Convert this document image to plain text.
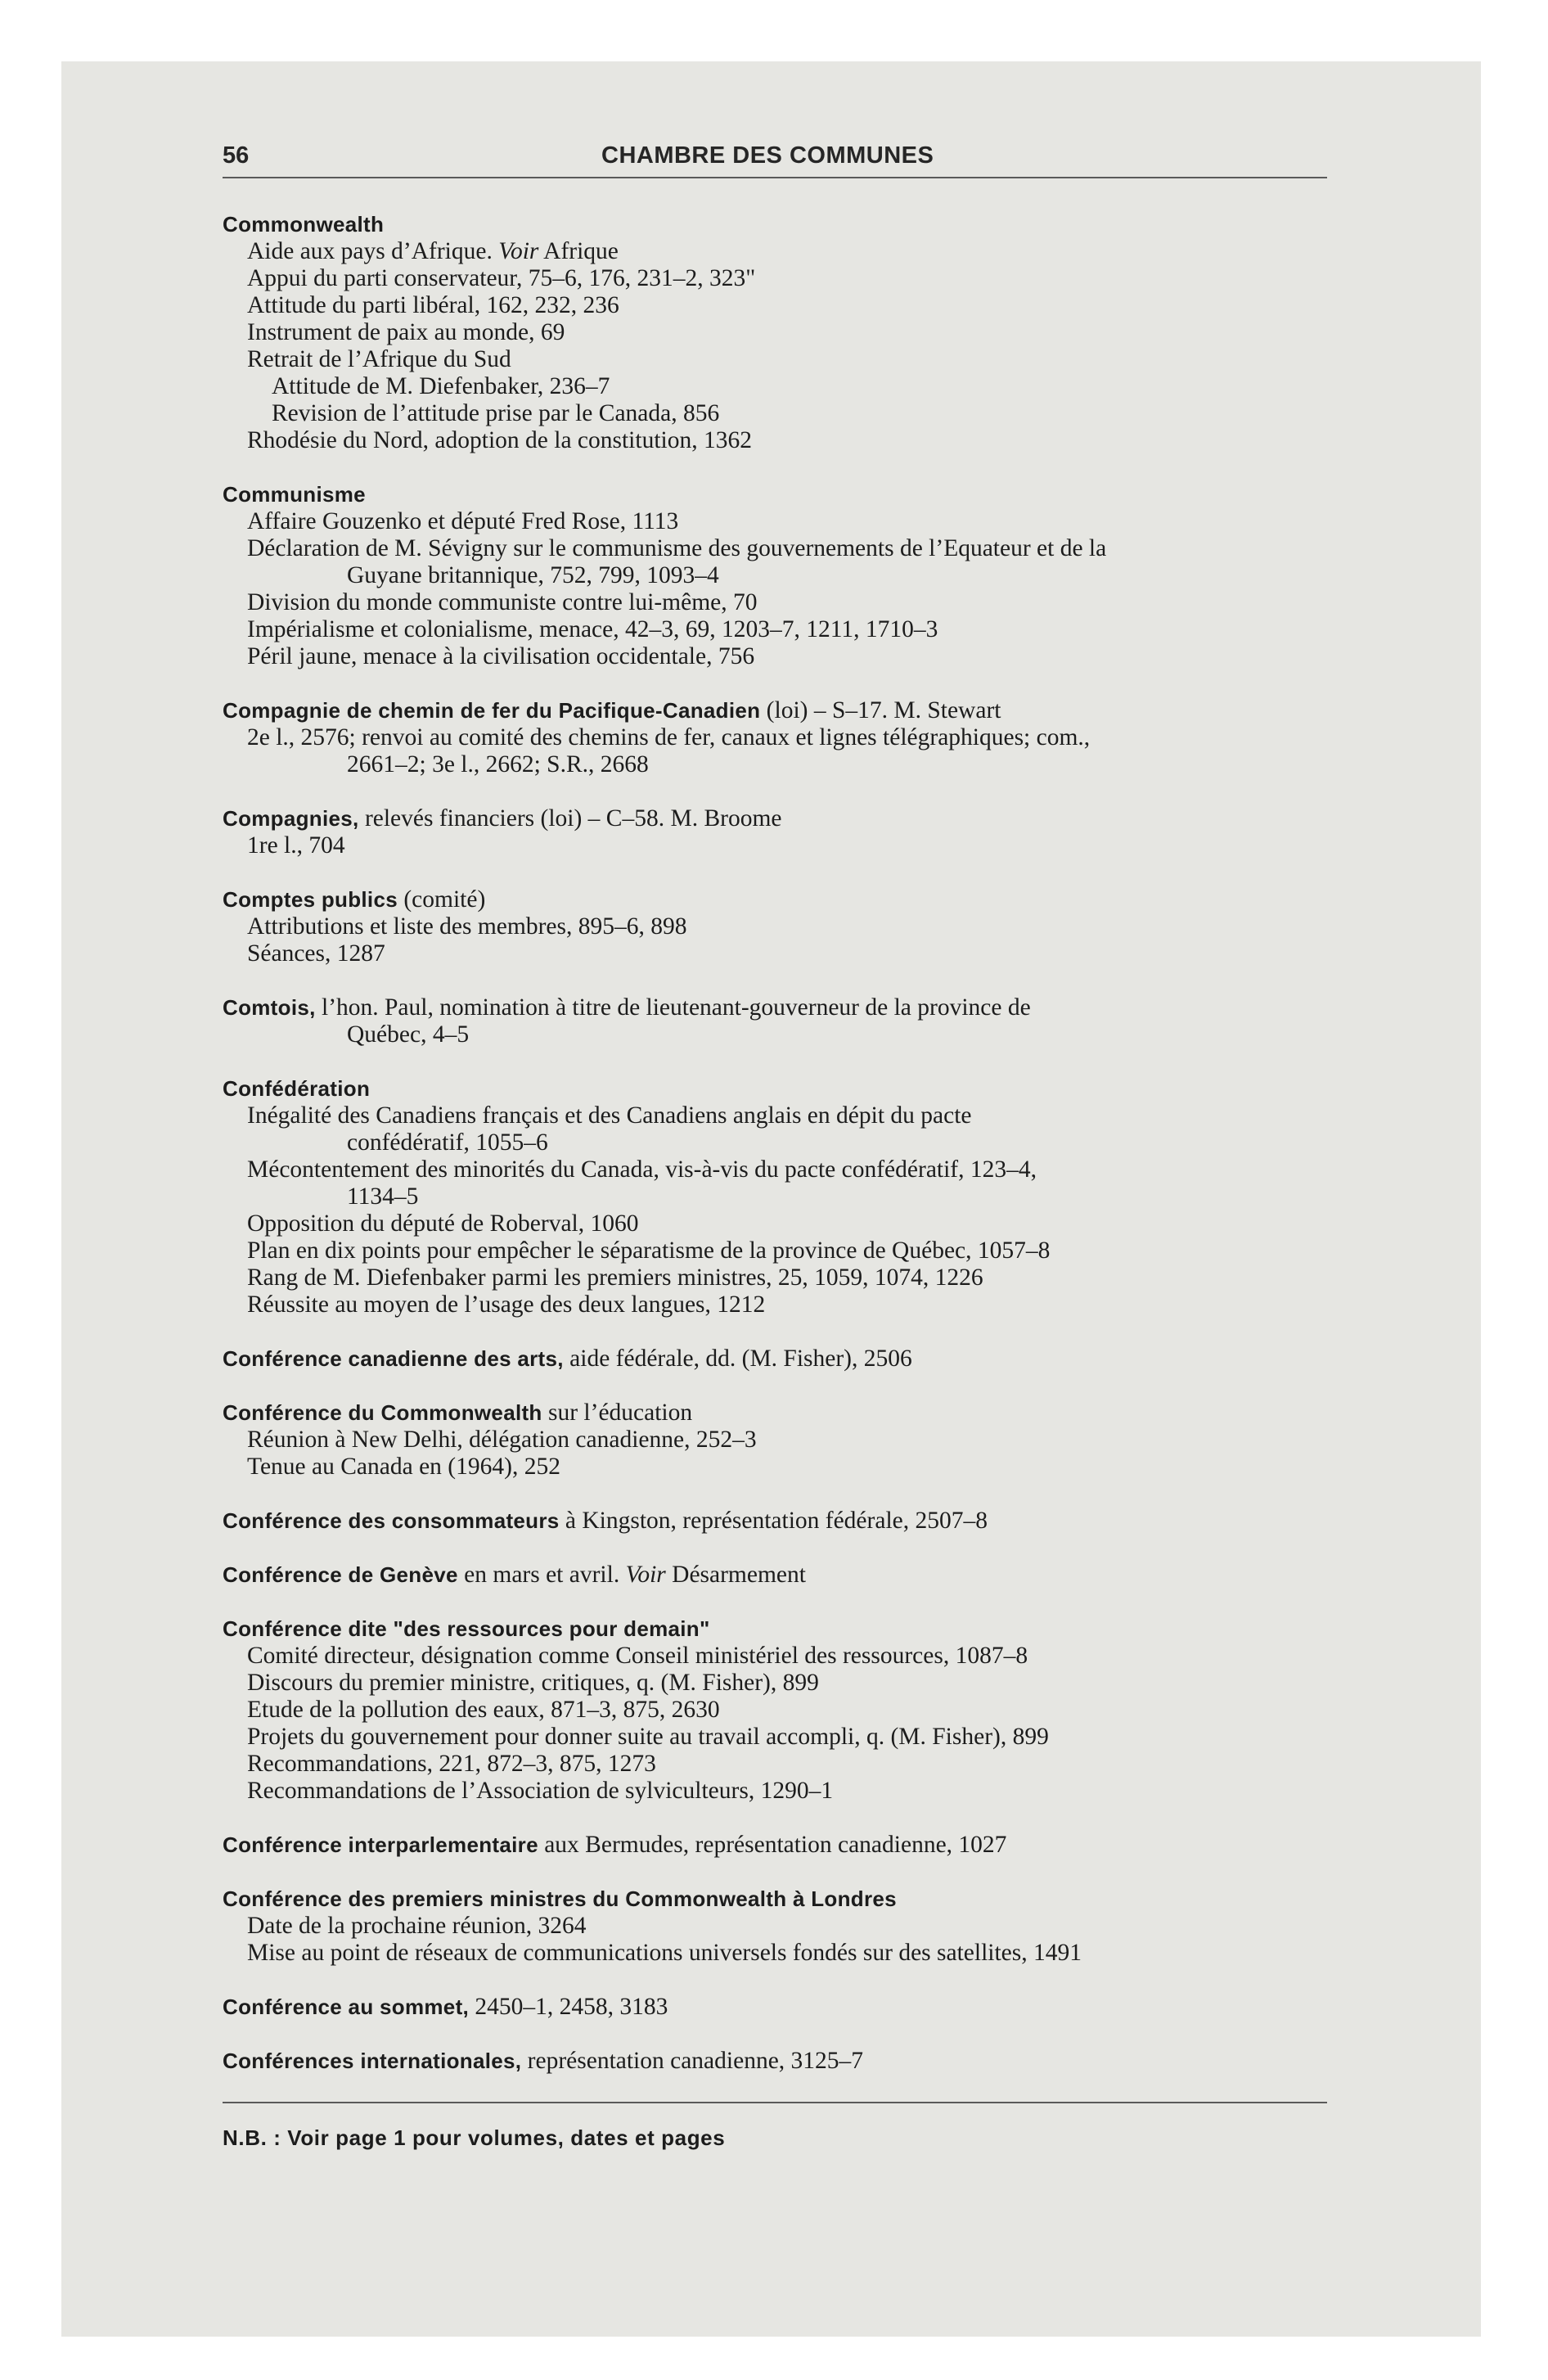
56	CHAMBRE DES COMMUNES
Commonwealth
Aide aux pays d’Afrique. Voir Afrique
Appui du parti conservateur, 75–6, 176, 231–2, 323"
Attitude du parti libéral, 162, 232, 236
Instrument de paix au monde, 69
Retrait de l’Afrique du Sud
Attitude de M. Diefenbaker, 236–7
Revision de l’attitude prise par le Canada, 856
Rhodésie du Nord, adoption de la constitution, 1362
Communisme
Affaire Gouzenko et député Fred Rose, 1113
Déclaration de M. Sévigny sur le communisme des gouvernements de l’Equateur et de la
Guyane britannique, 752, 799, 1093–4
Division du monde communiste contre lui-même, 70
Impérialisme et colonialisme, menace, 42–3, 69, 1203–7, 1211, 1710–3
Péril jaune, menace à la civilisation occidentale, 756
Compagnie de chemin de fer du Pacifique-Canadien (loi) – S–17. M. Stewart
2e l., 2576; renvoi au comité des chemins de fer, canaux et lignes télégraphiques; com.,
2661–2; 3e l., 2662; S.R., 2668
Compagnies, relevés financiers (loi) – C–58. M. Broome
1re l., 704
Comptes publics (comité)
Attributions et liste des membres, 895–6, 898
Séances, 1287
Comtois, l’hon. Paul, nomination à titre de lieutenant-gouverneur de la province de
Québec, 4–5
Confédération
Inégalité des Canadiens français et des Canadiens anglais en dépit du pacte
confédératif, 1055–6
Mécontentement des minorités du Canada, vis-à-vis du pacte confédératif, 123–4,
1134–5
Opposition du député de Roberval, 1060
Plan en dix points pour empêcher le séparatisme de la province de Québec, 1057–8
Rang de M. Diefenbaker parmi les premiers ministres, 25, 1059, 1074, 1226
Réussite au moyen de l’usage des deux langues, 1212
Conférence canadienne des arts, aide fédérale, dd. (M. Fisher), 2506
Conférence du Commonwealth sur l’éducation
Réunion à New Delhi, délégation canadienne, 252–3
Tenue au Canada en (1964), 252
Conférence des consommateurs à Kingston, représentation fédérale, 2507–8
Conférence de Genève en mars et avril. Voir Désarmement
Conférence dite "des ressources pour demain"
Comité directeur, désignation comme Conseil ministériel des ressources, 1087–8
Discours du premier ministre, critiques, q. (M. Fisher), 899
Etude de la pollution des eaux, 871–3, 875, 2630
Projets du gouvernement pour donner suite au travail accompli, q. (M. Fisher), 899
Recommandations, 221, 872–3, 875, 1273
Recommandations de l’Association de sylviculteurs, 1290–1
Conférence interparlementaire aux Bermudes, représentation canadienne, 1027
Conférence des premiers ministres du Commonwealth à Londres
Date de la prochaine réunion, 3264
Mise au point de réseaux de communications universels fondés sur des satellites, 1491
Conférence au sommet, 2450–1, 2458, 3183
Conférences internationales, représentation canadienne, 3125–7
N.B. : Voir page 1 pour volumes, dates et pages
